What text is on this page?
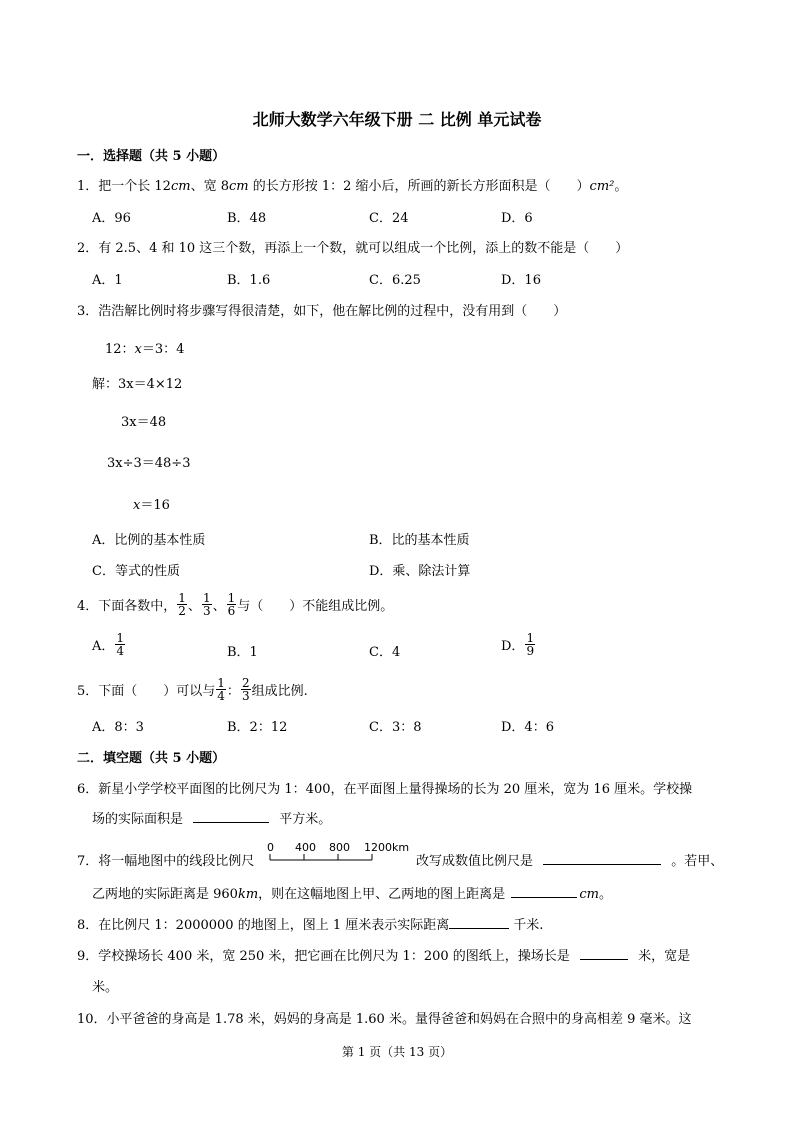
北师大数学六年级下册 二 比例 单元试卷
一．选择题（共 5 小题）
1．把一个长 12cm、宽 8cm 的长方形按 1：2 缩小后，所画的新长方形面积是（　　）cm²。
A．96	B．48	C．24	D．6
2．有 2.5、4 和 10 这三个数，再添上一个数，就可以组成一个比例，添上的数不能是（　　）
A．1	B．1.6	C．6.25	D．16
3．浩浩解比例时将步骤写得很清楚，如下，他在解比例的过程中，没有用到（　　）
12：x＝3：4
解：3x＝4×12
3x＝48
3x÷3＝48÷3
x＝16
A．比例的基本性质	B．比的基本性质
C．等式的性质	D．乘、除法计算
4．下面各数中， $\frac{1}{2}$ 、 $\frac{1}{3}$ 、 $\frac{1}{6}$ 与（　　）不能组成比例。
A． $\frac{1}{4}$	B．1	C．4	D． $\frac{1}{9}$
5．下面（　　）可以与 $\frac{1}{4}$ ： $\frac{2}{3}$ 组成比例.
A．8：3	B．2：12	C．3：8	D．4：6
二．填空题（共 5 小题）
6．新星小学学校平面图的比例尺为 1：400，在平面图上量得操场的长为 20 厘米，宽为 16 厘米。学校操
场的实际面积是	平方米。
7．将一幅地图中的线段比例尺
0 400 800 1200km
改写成数值比例尺是	。若甲、
乙两地的实际距离是 960km，则在这幅地图上甲、乙两地的图上距离是	cm。
8．在比例尺 1：2000000 的地图上，图上 1 厘米表示实际距离	千米.
9．学校操场长 400 米，宽 250 米，把它画在比例尺为 1：200 的图纸上，操场长是	米，宽是
米。
10．小平爸爸的身高是 1.78 米，妈妈的身高是 1.60 米。量得爸爸和妈妈在合照中的身高相差 9 毫米。这
第 1 页（共 13 页）
